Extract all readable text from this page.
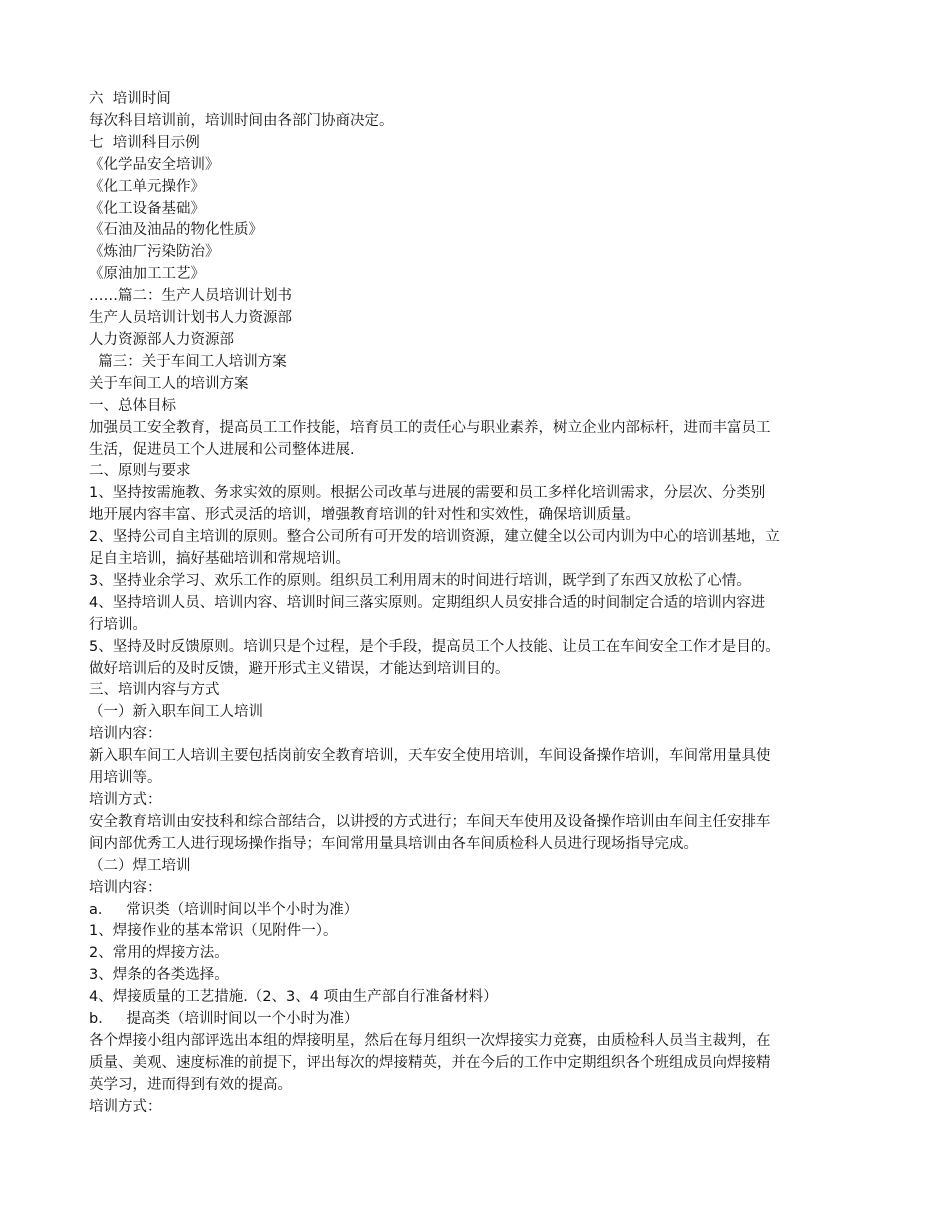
六  培训时间
每次科目培训前，培训时间由各部门协商决定。
七  培训科目示例
《化学品安全培训》
《化工单元操作》
《化工设备基础》
《石油及油品的物化性质》
《炼油厂污染防治》
《原油加工工艺》
……篇二：生产人员培训计划书
生产人员培训计划书人力资源部
人力资源部人力资源部
篇三：关于车间工人培训方案
关于车间工人的培训方案
一、总体目标
加强员工安全教育，提高员工工作技能，培育员工的责任心与职业素养，树立企业内部标杆，进而丰富员工
生活，促进员工个人进展和公司整体进展.
二、原则与要求
1、坚持按需施教、务求实效的原则。根据公司改革与进展的需要和员工多样化培训需求，分层次、分类别
地开展内容丰富、形式灵活的培训，增强教育培训的针对性和实效性，确保培训质量。
2、坚持公司自主培训的原则。整合公司所有可开发的培训资源，建立健全以公司内训为中心的培训基地，立
足自主培训，搞好基础培训和常规培训。
3、坚持业余学习、欢乐工作的原则。组织员工利用周末的时间进行培训，既学到了东西又放松了心情。
4、坚持培训人员、培训内容、培训时间三落实原则。定期组织人员安排合适的时间制定合适的培训内容进
行培训。
5、坚持及时反馈原则。培训只是个过程，是个手段，提高员工个人技能、让员工在车间安全工作才是目的。
做好培训后的及时反馈，避开形式主义错误，才能达到培训目的。
三、培训内容与方式
（一）新入职车间工人培训
培训内容：
新入职车间工人培训主要包括岗前安全教育培训，天车安全使用培训，车间设备操作培训，车间常用量具使
用培训等。
培训方式：
安全教育培训由安技科和综合部结合，以讲授的方式进行；车间天车使用及设备操作培训由车间主任安排车
间内部优秀工人进行现场操作指导；车间常用量具培训由各车间质检科人员进行现场指导完成。
（二）焊工培训
培训内容：
a．   常识类（培训时间以半个小时为准）
1、焊接作业的基本常识（见附件一）。
2、常用的焊接方法。
3、焊条的各类选择。
4、焊接质量的工艺措施.（2、3、4 项由生产部自行准备材料）
b．   提高类（培训时间以一个小时为准）
各个焊接小组内部评选出本组的焊接明星，然后在每月组织一次焊接实力竞赛，由质检科人员当主裁判，在
质量、美观、速度标准的前提下，评出每次的焊接精英，并在今后的工作中定期组织各个班组成员向焊接精
英学习，进而得到有效的提高。
培训方式：
